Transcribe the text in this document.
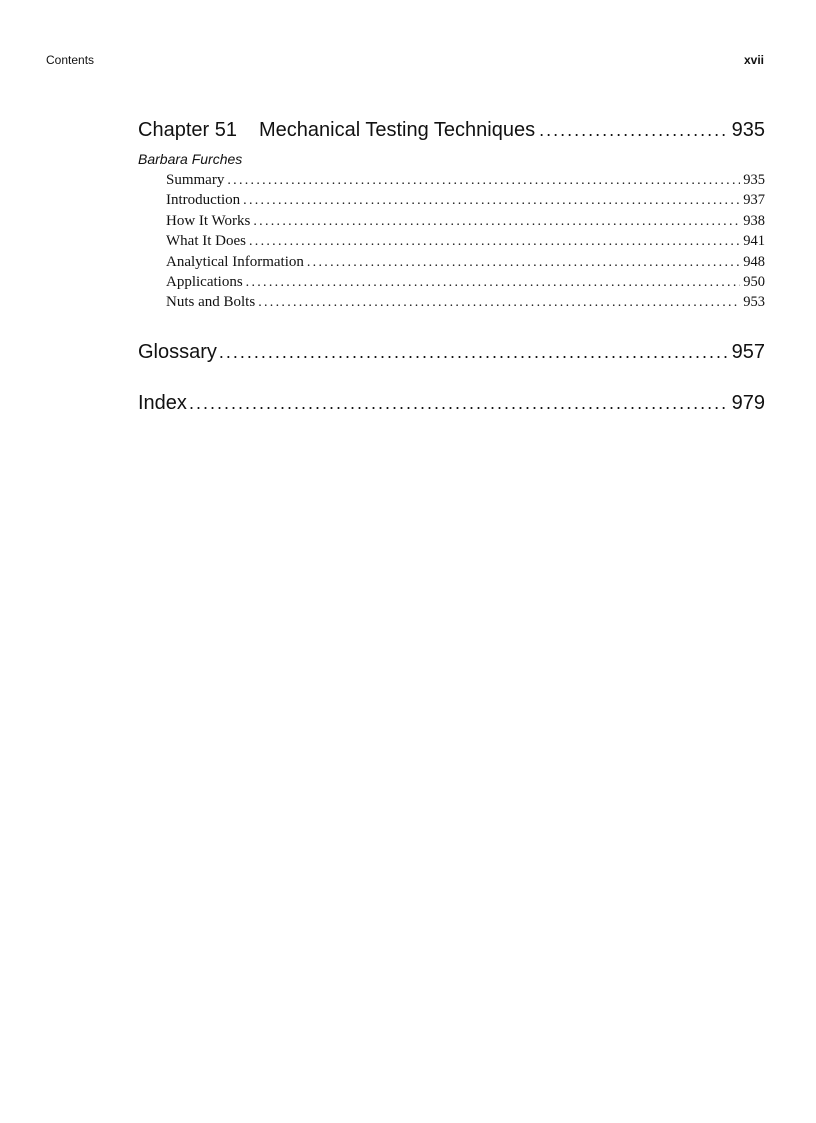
Contents	xvii
Chapter 51 Mechanical Testing Techniques . . .	935
Barbara Furches
Summary . . .	935
Introduction . . .	937
How It Works . . .	938
What It Does . . .	941
Analytical Information . . .	948
Applications . . .	950
Nuts and Bolts . . .	953
Glossary . . .	957
Index . . .	979
